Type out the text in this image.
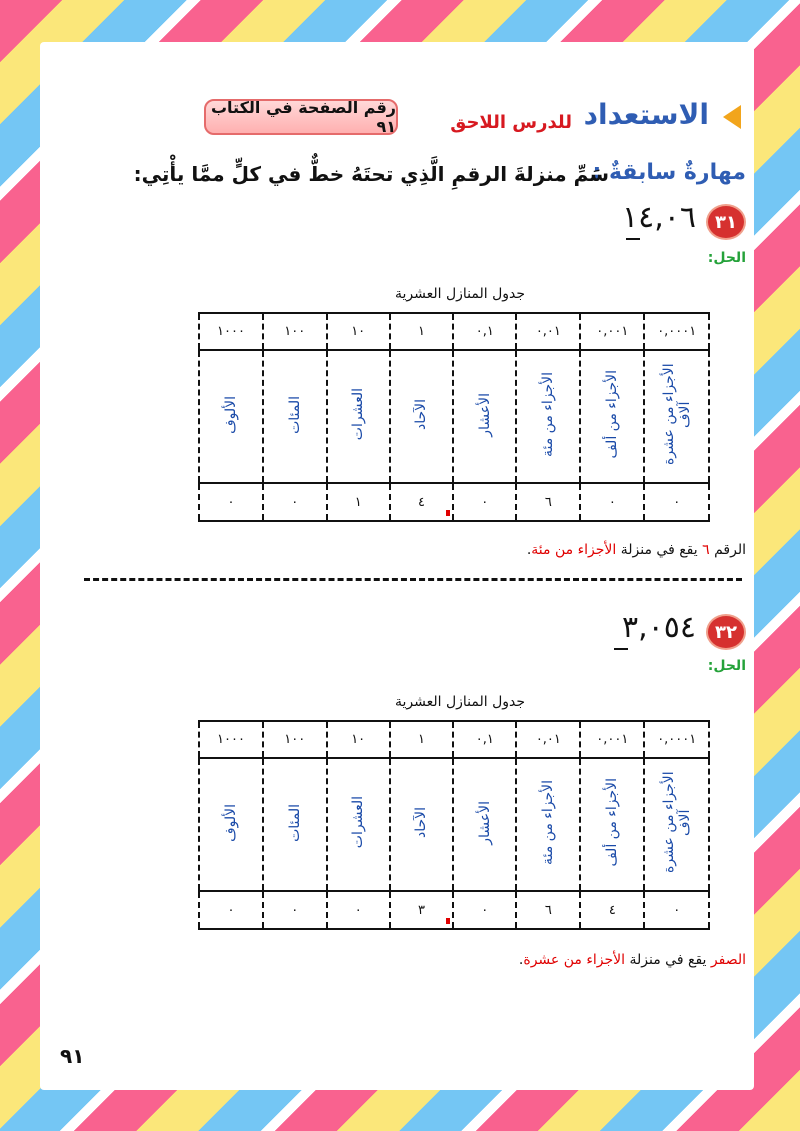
الاستعداد
للدرس اللاحق
رقم الصفحة في الكتاب ٩١
مهارةٌ سابقةٌ :
سَمِّ منزلةَ الرقمِ الَّذِي تحتَهُ خطٌّ في كلٍّ ممَّا يأْتِي:
٣١
١٤,٠٦
الحل:
جدول المنازل العشرية
٠,٠٠٠١	٠,٠٠١	٠,٠١	٠,١	١	١٠	١٠٠	١٠٠٠
الأجزاء من عشرة آلاف	الأجزاء من ألف	الأجزاء من مئة	الأعشار	الآحاد	العشرات	المئات	الألوف
٠	٠	٦	٠	٤	١	٠	٠
الرقم ٦ يقع في منزلة الأجزاء من مئة.
٣٢
٣,٠٥٤
الحل:
جدول المنازل العشرية
٠,٠٠٠١	٠,٠٠١	٠,٠١	٠,١	١	١٠	١٠٠	١٠٠٠
الأجزاء من عشرة آلاف	الأجزاء من ألف	الأجزاء من مئة	الأعشار	الآحاد	العشرات	المئات	الألوف
٠	٤	٦	٠	٣	٠	٠	٠
الصفر يقع في منزلة الأجزاء من عشرة.
٩١
